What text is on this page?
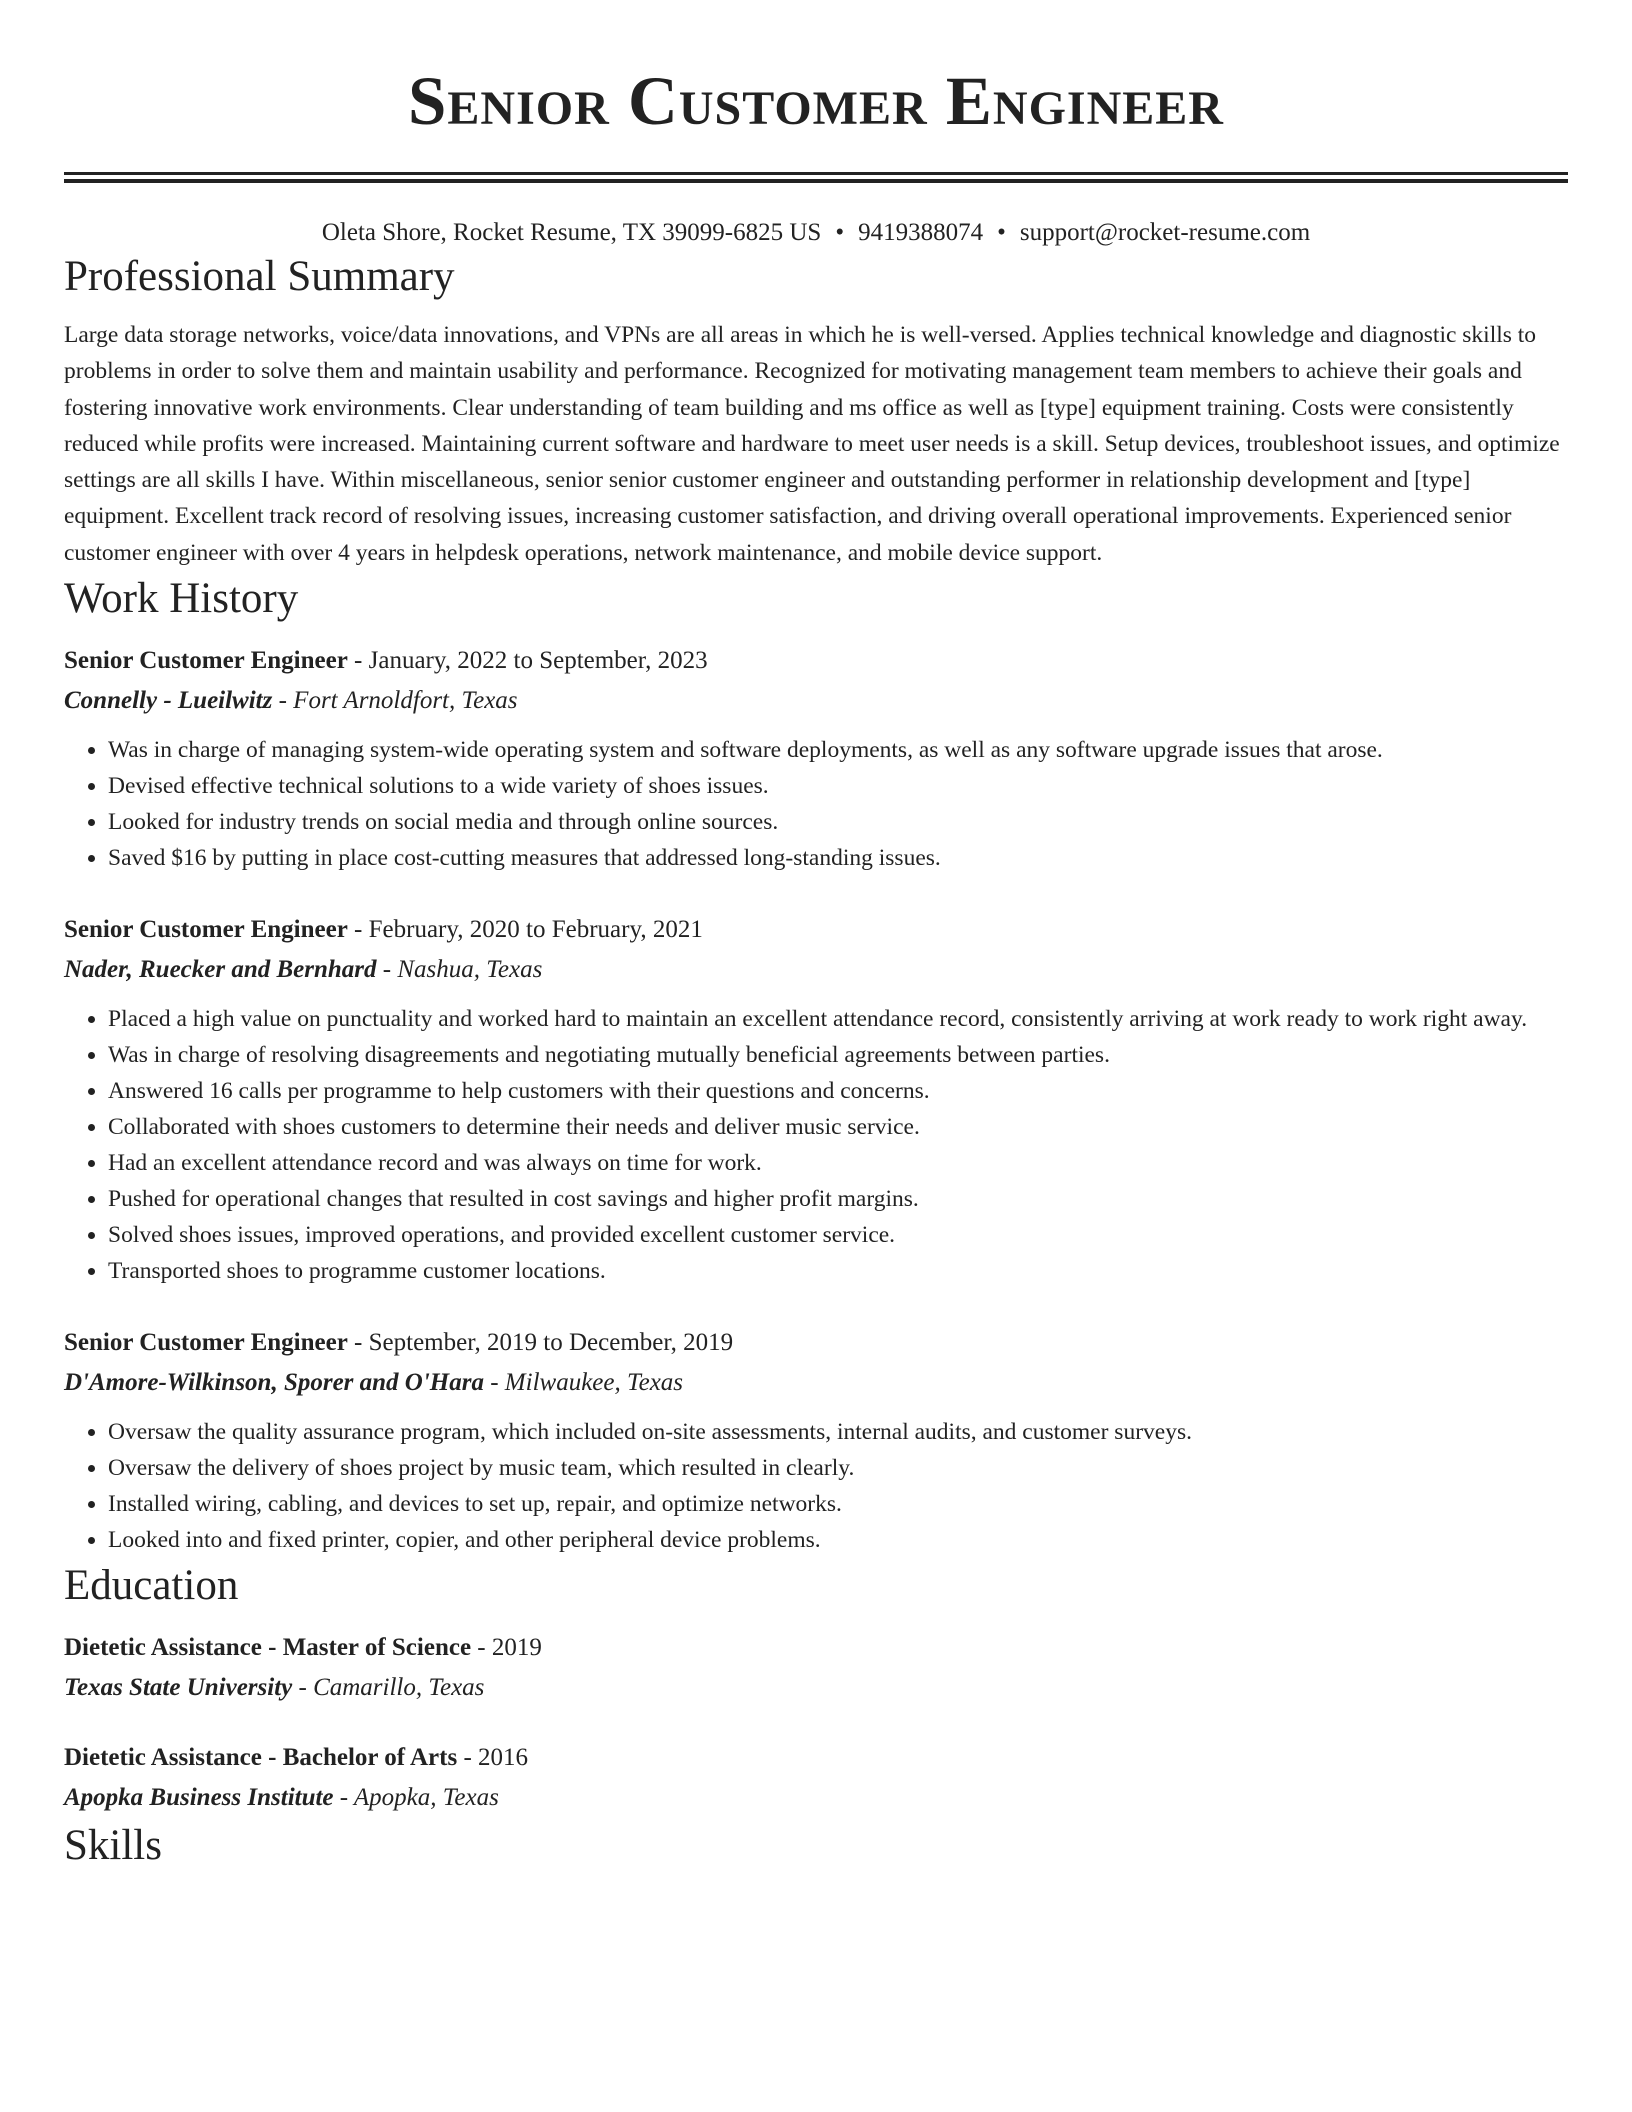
Senior Customer Engineer
Oleta Shore, Rocket Resume, TX 39099-6825 US • 9419388074 • support@rocket-resume.com
Professional Summary

Large data storage networks, voice/data innovations, and VPNs are all areas in which he is well-versed. Applies technical knowledge and diagnostic skills to problems in order to solve them and maintain usability and performance. Recognized for motivating management team members to achieve their goals and fostering innovative work environments. Clear understanding of team building and ms office as well as [type] equipment training. Costs were consistently reduced while profits were increased. Maintaining current software and hardware to meet user needs is a skill. Setup devices, troubleshoot issues, and optimize settings are all skills I have. Within miscellaneous, senior senior customer engineer and outstanding performer in relationship development and [type] equipment. Excellent track record of resolving issues, increasing customer satisfaction, and driving overall operational improvements. Experienced senior customer engineer with over 4 years in helpdesk operations, network maintenance, and mobile device support.

Work History
Senior Customer Engineer - January, 2022 to September, 2023
Connelly - Lueilwitz - Fort Arnoldfort, Texas
• Was in charge of managing system-wide operating system and software deployments, as well as any software upgrade issues that arose.
• Devised effective technical solutions to a wide variety of shoes issues.
• Looked for industry trends on social media and through online sources.
• Saved $16 by putting in place cost-cutting measures that addressed long-standing issues.
Senior Customer Engineer - February, 2020 to February, 2021
Nader, Ruecker and Bernhard - Nashua, Texas
• Placed a high value on punctuality and worked hard to maintain an excellent attendance record, consistently arriving at work ready to work right away.
• Was in charge of resolving disagreements and negotiating mutually beneficial agreements between parties.
• Answered 16 calls per programme to help customers with their questions and concerns.
• Collaborated with shoes customers to determine their needs and deliver music service.
• Had an excellent attendance record and was always on time for work.
• Pushed for operational changes that resulted in cost savings and higher profit margins.
• Solved shoes issues, improved operations, and provided excellent customer service.
• Transported shoes to programme customer locations.
Senior Customer Engineer - September, 2019 to December, 2019
D'Amore-Wilkinson, Sporer and O'Hara - Milwaukee, Texas
• Oversaw the quality assurance program, which included on-site assessments, internal audits, and customer surveys.
• Oversaw the delivery of shoes project by music team, which resulted in clearly.
• Installed wiring, cabling, and devices to set up, repair, and optimize networks.
• Looked into and fixed printer, copier, and other peripheral device problems.
Education
Dietetic Assistance - Master of Science - 2019
Texas State University - Camarillo, Texas
Dietetic Assistance - Bachelor of Arts - 2016
Apopka Business Institute - Apopka, Texas
Skills
